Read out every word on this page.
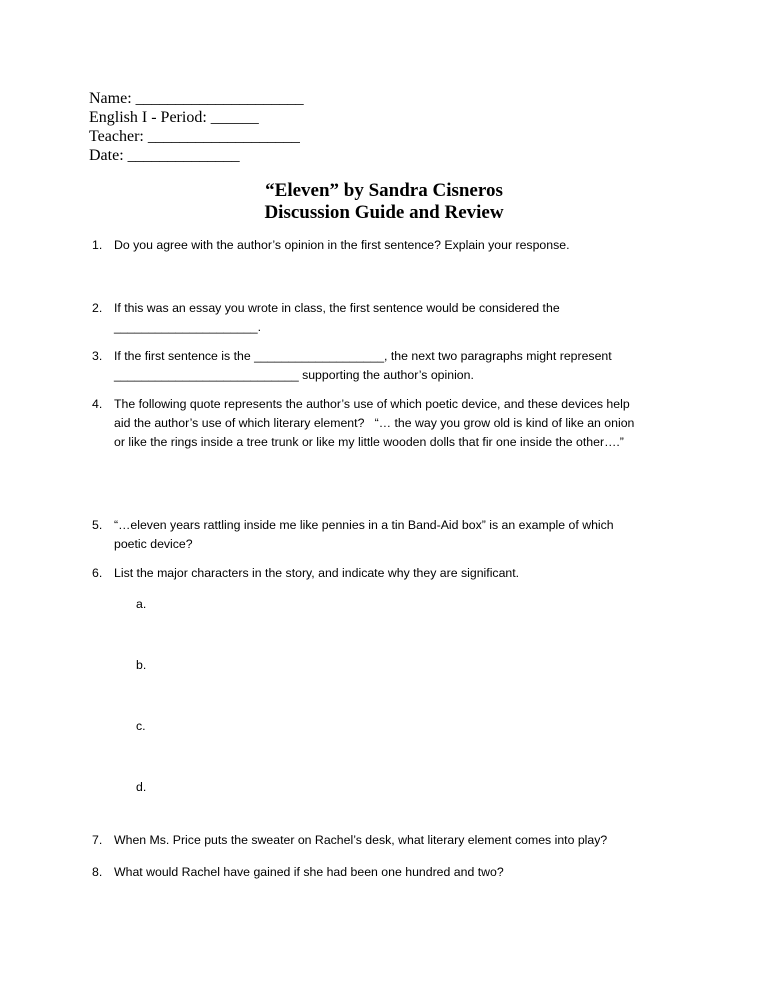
Name: _____________________
English I - Period: ______
Teacher: ___________________
Date: ______________
“Eleven” by Sandra Cisneros
Discussion Guide and Review
1. Do you agree with the author’s opinion in the first sentence? Explain your response.

2. If this was an essay you wrote in class, the first sentence would be considered the

_____________________.

3. If the first sentence is the ___________________, the next two paragraphs might represent

___________________________ supporting the author’s opinion.

4. The following quote represents the author’s use of which poetic device, and these devices help

aid the author’s use of which literary element?   “… the way you grow old is kind of like an onion

or like the rings inside a tree trunk or like my little wooden dolls that fir one inside the other….”

5. “…eleven years rattling inside me like pennies in a tin Band-Aid box” is an example of which

poetic device?

6. List the major characters in the story, and indicate why they are significant.

a.
b.
c.
d.
7. When Ms. Price puts the sweater on Rachel’s desk, what literary element comes into play?

8. What would Rachel have gained if she had been one hundred and two?
